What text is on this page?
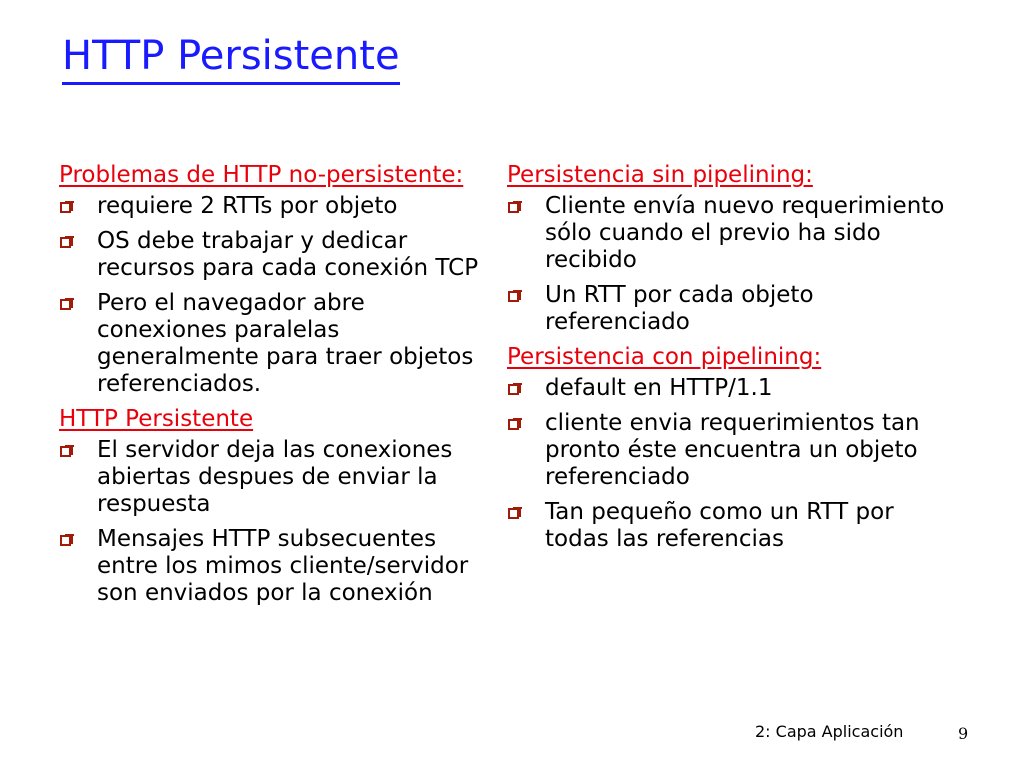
HTTP Persistente
Problemas de HTTP no-persistente:
requiere 2 RTTs por objeto
OS debe trabajar y dedicar recursos para cada conexión TCP
Pero el navegador abre conexiones paralelas generalmente para traer objetos referenciados.
HTTP Persistente
El servidor deja las conexiones abiertas despues de enviar la respuesta
Mensajes HTTP subsecuentes entre los mimos cliente/servidor son enviados por la conexión
Persistencia sin pipelining:
Cliente envía nuevo requerimiento sólo cuando el previo ha sido recibido
Un RTT por cada objeto referenciado
Persistencia con pipelining:
default en HTTP/1.1
cliente envia requerimientos tan pronto éste encuentra un objeto referenciado
Tan pequeño como un RTT por todas las referencias
2: Capa Aplicación	9
